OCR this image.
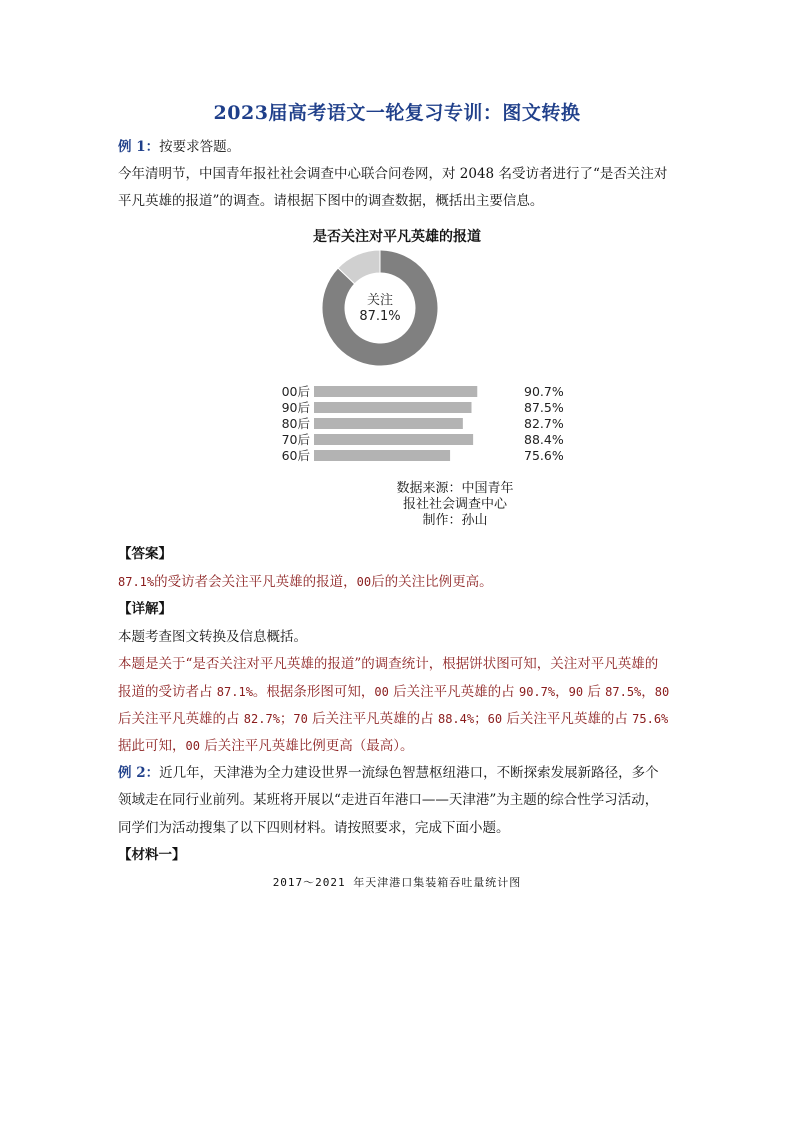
2023届高考语文一轮复习专训：图文转换
例 1：按要求答题。
今年清明节，中国青年报社社会调查中心联合问卷网，对 2048 名受访者进行了“是否关注对
平凡英雄的报道”的调查。请根据下图中的调查数据，概括出主要信息。
是否关注对平凡英雄的报道
关注
87.1%
00后	90.7%
90后	87.5%
80后	82.7%
70后	88.4%
60后	75.6%
数据来源：中国青年
报社社会调查中心
制作：孙山
【答案】
87.1%的受访者会关注平凡英雄的报道，00后的关注比例更高。
【详解】
本题考查图文转换及信息概括。
本题是关于“是否关注对平凡英雄的报道”的调查统计，根据饼状图可知，关注对平凡英雄的
报道的受访者占 87.1%。根据条形图可知，00 后关注平凡英雄的占 90.7%，90 后 87.5%，80
后关注平凡英雄的占 82.7%；70 后关注平凡英雄的占 88.4%；60 后关注平凡英雄的占 75.6%
据此可知，00 后关注平凡英雄比例更高（最高）。
例 2：近几年，天津港为全力建设世界一流绿色智慧枢纽港口，不断探索发展新路径，多个
领域走在同行业前列。某班将开展以“走进百年港口——天津港”为主题的综合性学习活动，
同学们为活动搜集了以下四则材料。请按照要求，完成下面小题。
【材料一】
2017～2021 年天津港口集装箱吞吐量统计图
